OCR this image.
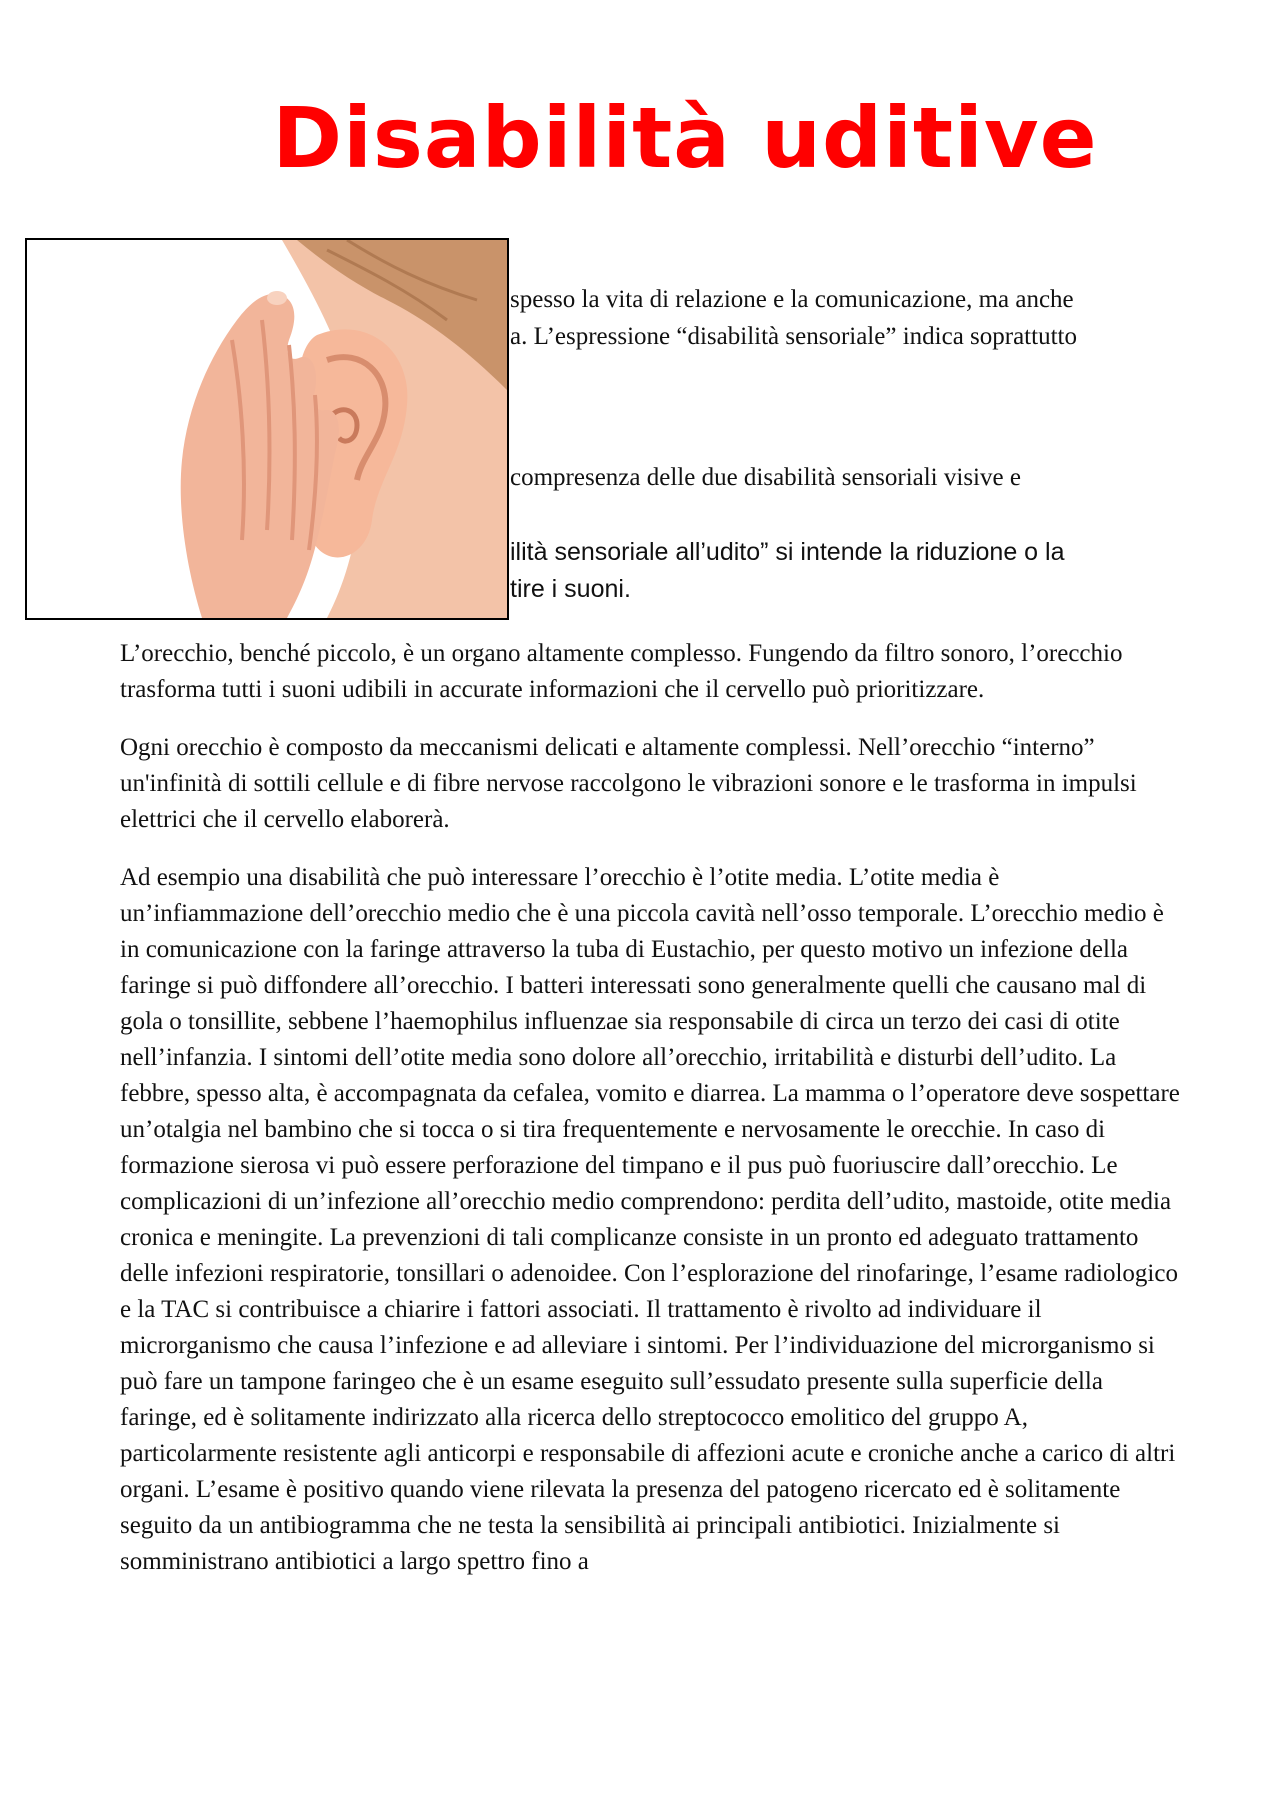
Disabilità uditive
spesso la vita di relazione e la comunicazione, ma anche
a. L’espressione “disabilità sensoriale” indica soprattutto
compresenza delle due disabilità sensoriali visive e
ilità sensoriale all’udito” si intende la riduzione o la
tire i suoni.

L’orecchio, benché piccolo, è un organo altamente complesso. Fungendo da filtro sonoro, l’orecchio trasforma tutti i suoni udibili in accurate informazioni che il cervello può prioritizzare.

Ogni orecchio è composto da meccanismi delicati e altamente complessi. Nell’orecchio “interno” un'infinità di sottili cellule e di fibre nervose raccolgono le vibrazioni sonore e le trasforma in impulsi elettrici che il cervello elaborerà.

Ad esempio una disabilità che può interessare l’orecchio è l’otite media. L’otite media è un’infiammazione dell’orecchio medio che è una piccola cavità nell’osso temporale. L’orecchio medio è in comunicazione con la faringe attraverso la tuba di Eustachio, per questo motivo un infezione della faringe si può diffondere all’orecchio. I batteri interessati sono generalmente quelli che causano mal di gola o tonsillite, sebbene l’haemophilus influenzae sia responsabile di circa un terzo dei casi di otite nell’infanzia. I sintomi dell’otite media sono dolore all’orecchio, irritabilità e disturbi dell’udito. La febbre, spesso alta, è accompagnata da cefalea, vomito e diarrea. La mamma o l’operatore deve sospettare un’otalgia nel bambino che si tocca o si tira frequentemente e nervosamente le orecchie. In caso di formazione sierosa vi può essere perforazione del timpano e il pus può fuoriuscire dall’orecchio. Le complicazioni di un’infezione all’orecchio medio comprendono: perdita dell’udito, mastoide, otite media cronica e meningite. La prevenzioni di tali complicanze consiste in un pronto ed adeguato trattamento delle infezioni respiratorie, tonsillari o adenoidee. Con l’esplorazione del rinofaringe, l’esame radiologico e la TAC si contribuisce a chiarire i fattori associati. Il trattamento è rivolto ad individuare il microrganismo che causa l’infezione e ad alleviare i sintomi. Per l’individuazione del microrganismo si può fare un tampone faringeo che è un esame eseguito sull’essudato presente sulla superficie della faringe, ed è solitamente indirizzato alla ricerca dello streptococco emolitico del gruppo A, particolarmente resistente agli anticorpi e responsabile di affezioni acute e croniche anche a carico di altri organi. L’esame è positivo quando viene rilevata la presenza del patogeno ricercato ed è solitamente seguito da un antibiogramma che ne testa la sensibilità ai principali antibiotici. Inizialmente si somministrano antibiotici a largo spettro fino a
